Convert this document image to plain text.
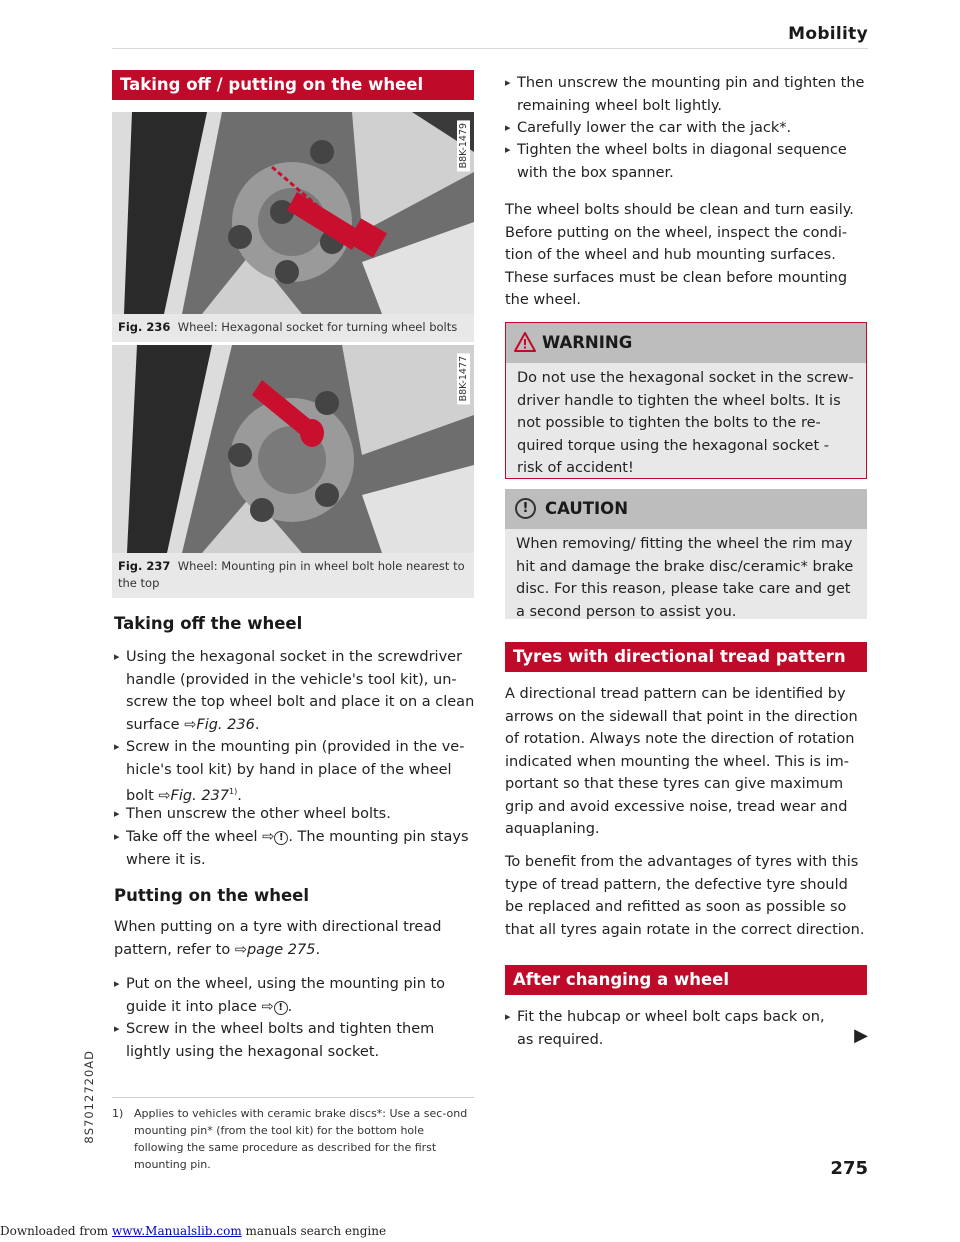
Mobility
Taking off / putting on the wheel
B8K-1479
Fig. 236 Wheel: Hexagonal socket for turning wheel bolts
B8K-1477
Fig. 237 Wheel: Mounting pin in wheel bolt hole nearest to the top
Taking off the wheel
▸ Using the hexagonal socket in the screwdriver handle (provided in the vehicle's tool kit), un-screw the top wheel bolt and place it on a clean surface ⇨Fig. 236.
▸ Screw in the mounting pin (provided in the ve-hicle's tool kit) by hand in place of the wheel bolt ⇨Fig. 237$^{1)}$.
▸ Then unscrew the other wheel bolts.
▸ Take off the wheel ⇨ ! . The mounting pin stays where it is.
Putting on the wheel
When putting on a tyre with directional tread pattern, refer to ⇨page 275.
▸ Put on the wheel, using the mounting pin to guide it into place ⇨ ! .
▸ Screw in the wheel bolts and tighten them lightly using the hexagonal socket.
1) Applies to vehicles with ceramic brake discs*: Use a sec-ond mounting pin* (from the tool kit) for the bottom hole following the same procedure as described for the first mounting pin.
8S7012720AD
▸ Then unscrew the mounting pin and tighten the remaining wheel bolt lightly.
▸ Carefully lower the car with the jack*.
▸ Tighten the wheel bolts in diagonal sequence with the box spanner.
The wheel bolts should be clean and turn easily. Before putting on the wheel, inspect the condi-tion of the wheel and hub mounting surfaces. These surfaces must be clean before mounting the wheel.
WARNING
Do not use the hexagonal socket in the screw-driver handle to tighten the wheel bolts. It is not possible to tighten the bolts to the re-quired torque using the hexagonal socket - risk of accident!
!	CAUTION
When removing/ fitting the wheel the rim may hit and damage the brake disc/ceramic* brake disc. For this reason, please take care and get a second person to assist you.
Tyres with directional tread pattern
A directional tread pattern can be identified by arrows on the sidewall that point in the direction of rotation. Always note the direction of rotation indicated when mounting the wheel. This is im-portant so that these tyres can give maximum grip and avoid excessive noise, tread wear and aquaplaning.
To benefit from the advantages of tyres with this type of tread pattern, the defective tyre should be replaced and refitted as soon as possible so that all tyres again rotate in the correct direction.
After changing a wheel
▸ Fit the hubcap or wheel bolt caps back on, as required.	▶
275
Downloaded from www.Manualslib.com manuals search engine
